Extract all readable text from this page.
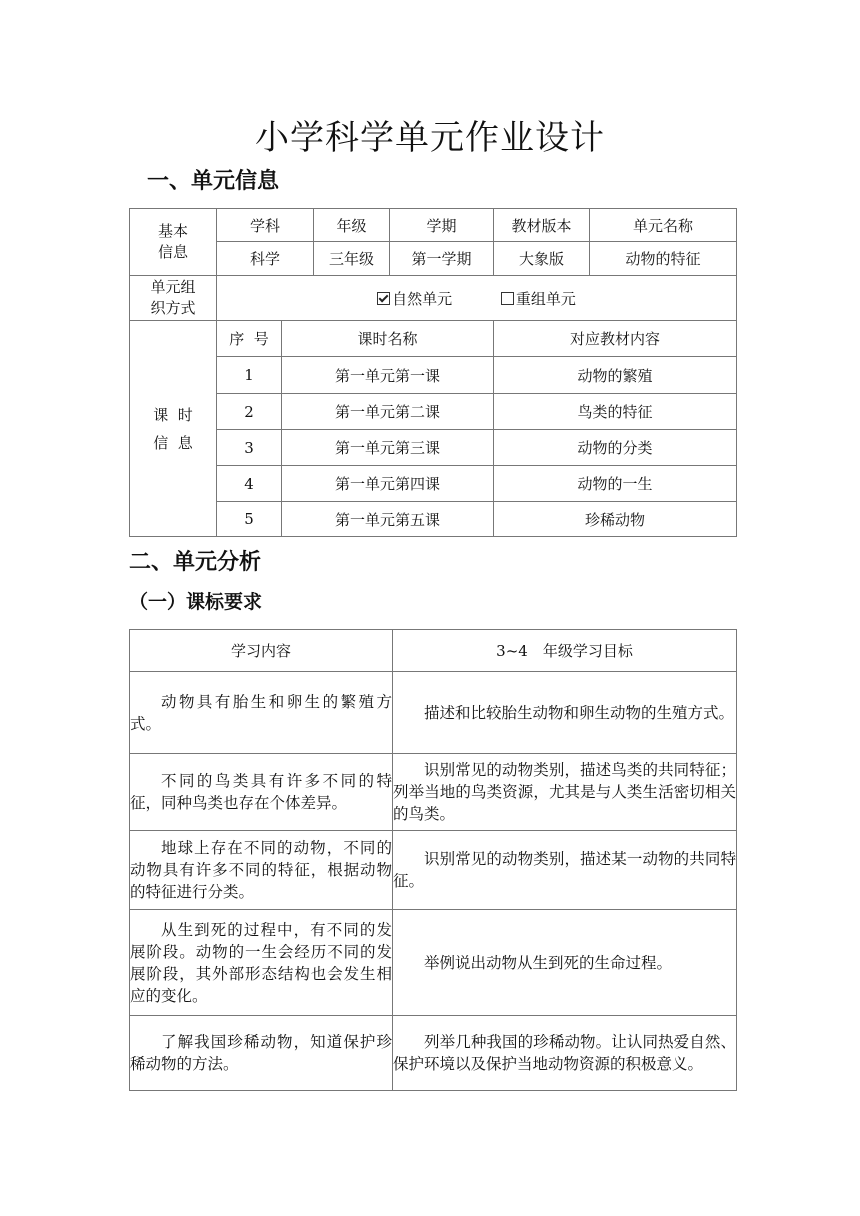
小学科学单元作业设计
一、单元信息
基本
信息	学科		年级	学期	教材版本	单元名称
	科学		三年级	第一学期	大象版	动物的特征
单元组
织方式	自然单元 重组单元					
课  时
信  息	序  号	课时名称			对应教材内容	
	1	第一单元第一课			动物的繁殖	
	2	第一单元第二课			鸟类的特征	
	3	第一单元第三课			动物的分类	
	4	第一单元第四课			动物的一生	
	5	第一单元第五课			珍稀动物	
二、单元分析
（一）课标要求
学习内容	3~4　年级学习目标
动物具有胎生和卵生的繁殖方式。	描述和比较胎生动物和卵生动物的生殖方式。
不同的鸟类具有许多不同的特征，同种鸟类也存在个体差异。	识别常见的动物类别，描述鸟类的共同特征；列举当地的鸟类资源，尤其是与人类生活密切相关的鸟类。
地球上存在不同的动物，不同的动物具有许多不同的特征，根据动物的特征进行分类。	识别常见的动物类别，描述某一动物的共同特征。
从生到死的过程中，有不同的发展阶段。动物的一生会经历不同的发展阶段，其外部形态结构也会发生相应的变化。	举例说出动物从生到死的生命过程。
了解我国珍稀动物，知道保护珍稀动物的方法。	列举几种我国的珍稀动物。让认同热爱自然、保护环境以及保护当地动物资源的积极意义。
